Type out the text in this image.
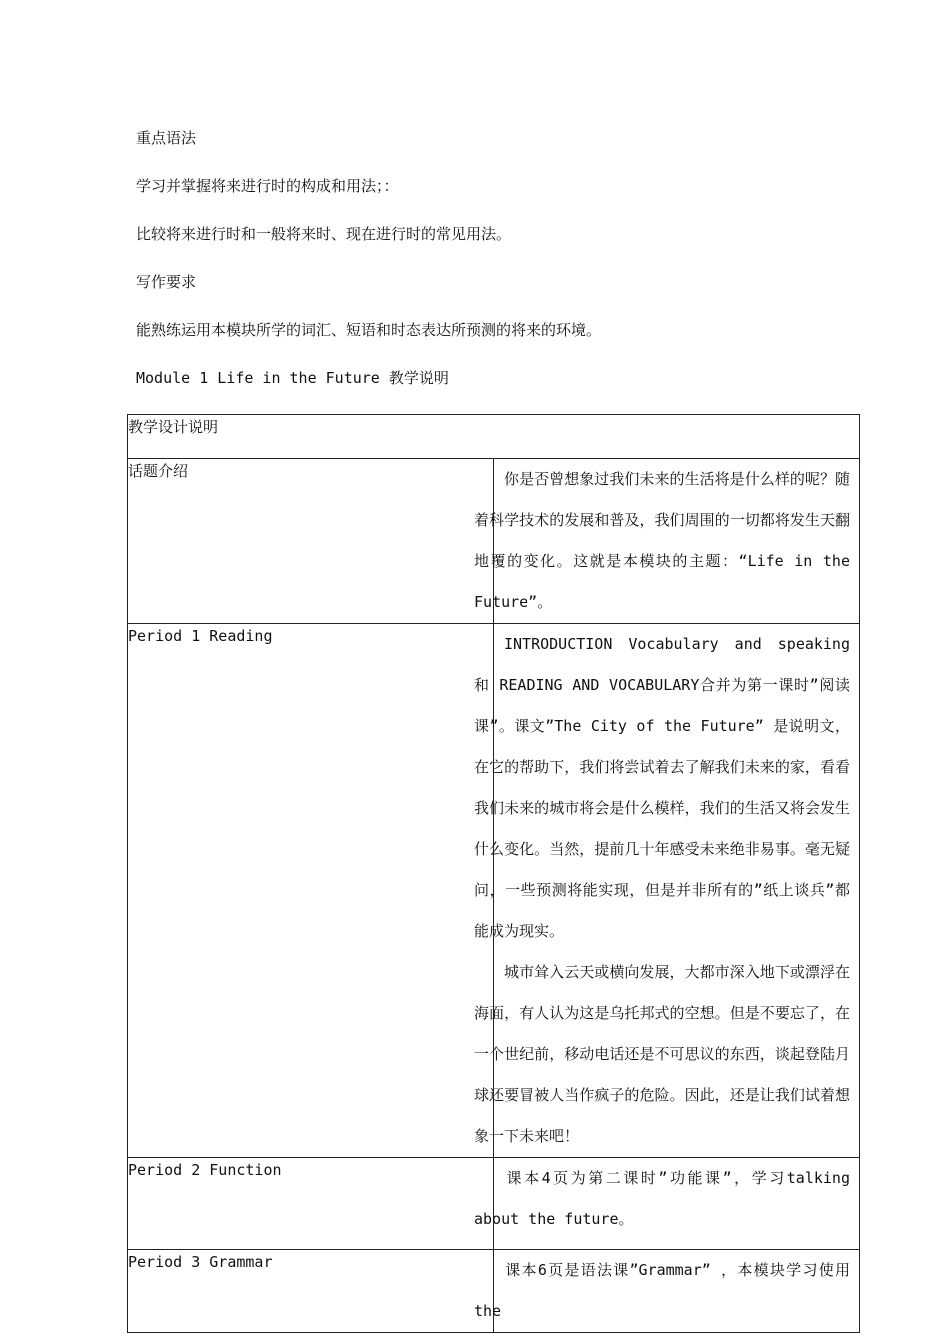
重点语法
学习并掌握将来进行时的构成和用法；：
比较将来进行时和一般将来时、现在进行时的常见用法。
写作要求
能熟练运用本模块所学的词汇、短语和时态表达所预测的将来的环境。
Module 1 Life in the Future 教学说明
教学设计说明	
话题介绍	你是否曾想象过我们未来的生活将是什么样的呢？随着科学技术的发展和普及，我们周围的一切都将发生天翻地覆的变化。这就是本模块的主题：“Life in the Future”。

Period 1 Reading	INTRODUCTION Vocabulary and speaking 和 READING AND VOCABULARY合并为第一课时”阅读课”。课文”The City of the Future” 是说明文，在它的帮助下，我们将尝试着去了解我们未来的家，看看我们未来的城市将会是什么模样，我们的生活又将会发生什么变化。当然，提前几十年感受未来绝非易事。毫无疑问，一些预测将能实现，但是并非所有的”纸上谈兵”都能成为现实。

城市耸入云天或横向发展，大都市深入地下或漂浮在海面，有人认为这是乌托邦式的空想。但是不要忘了，在一个世纪前，移动电话还是不可思议的东西，谈起登陆月球还要冒被人当作疯子的危险。因此，还是让我们试着想象一下未来吧！

Period 2 Function	课本4页为第二课时”功能课”，学习talking about the future。

Period 3 Grammar	课本6页是语法课”Grammar” ，本模块学习使用the
